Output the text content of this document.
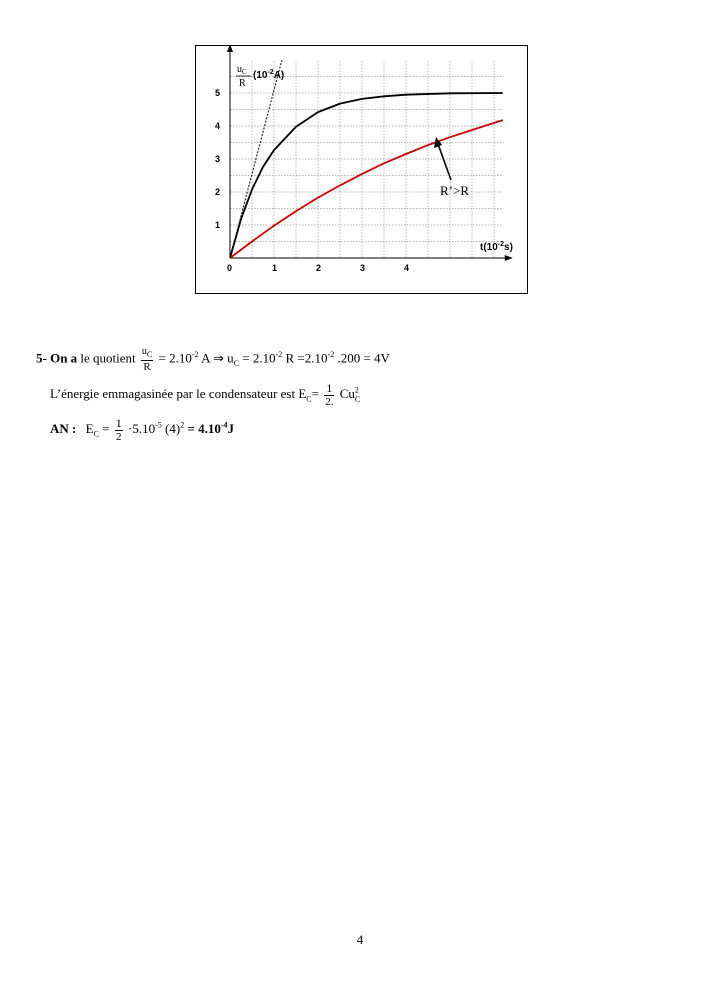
0	1	2	3	4
1
2
3
4
5
$u_C$
R
$(10^{-2}A)$
$t(10^{-2}s)$
R’>R
5- On a le quotient $\frac{u_C}{R} = 2.10^{-2}$ A ⇒ $u_C = 2.10^{-2}$ $R =2.10^{-2}$ .200 = 4V
L’énergie emmagasinée par le condensateur est $E_C= \frac{1}{2.} Cu^2_C$
AN : $E_C = \frac{1}{2} \cdot 5.10^{-5}$ $(4)^2 = 4.10^{-4}J$
4
